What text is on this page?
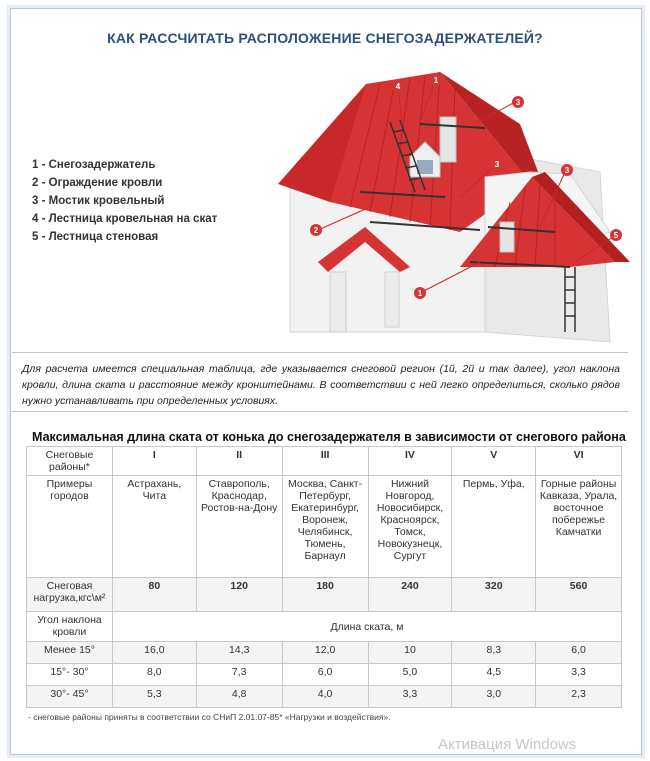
КАК РАССЧИТАТЬ РАСПОЛОЖЕНИЕ СНЕГОЗАДЕРЖАТЕЛЕЙ?
1 - Снегозадержатель
2 - Ограждение кровли
3 - Мостик кровельный
4 - Лестница кровельная на скат
5 - Лестница стеновая
1
4
3
3
3
2
5
1
Для расчета имеется специальная таблица, где указывается снеговой регион (1й, 2й и так далее), угол наклона кровли, длина ската и расстояние между кронштейнами. В соответствии с ней легко определиться, сколько рядов нужно устанавливать при определенных условиях.
Максимальная длина ската от конька до снегозадержателя в зависимости от снегового района
Снеговые районы*	I	II	III	IV	V	VI
Примеры городов	Астрахань, Чита	Ставрополь, Краснодар, Ростов-на-Дону	Москва, Санкт-Петербург, Екатеринбург, Воронеж, Челябинск, Тюмень, Барнаул	Нижний Новгород, Новосибирск, Красноярск, Томск, Новокузнецк, Сургут	Пермь, Уфа,	Горные районы Кавказа, Урала, восточное побережье Камчатки
Снеговая нагрузка,кгс\м²	80	120	180	240	320	560
Угол наклона кровли	Длина ската, м					
Менее 15°	16,0	14,3	12,0	10	8,3	6,0
15°- 30°	8,0	7,3	6,0	5,0	4,5	3,3
30°- 45°	5,3	4,8	4,0	3,3	3,0	2,3
- снеговые районы приняты в соответствии со СНиП 2.01.07-85* «Нагрузки и воздействия».
Активация Windows
